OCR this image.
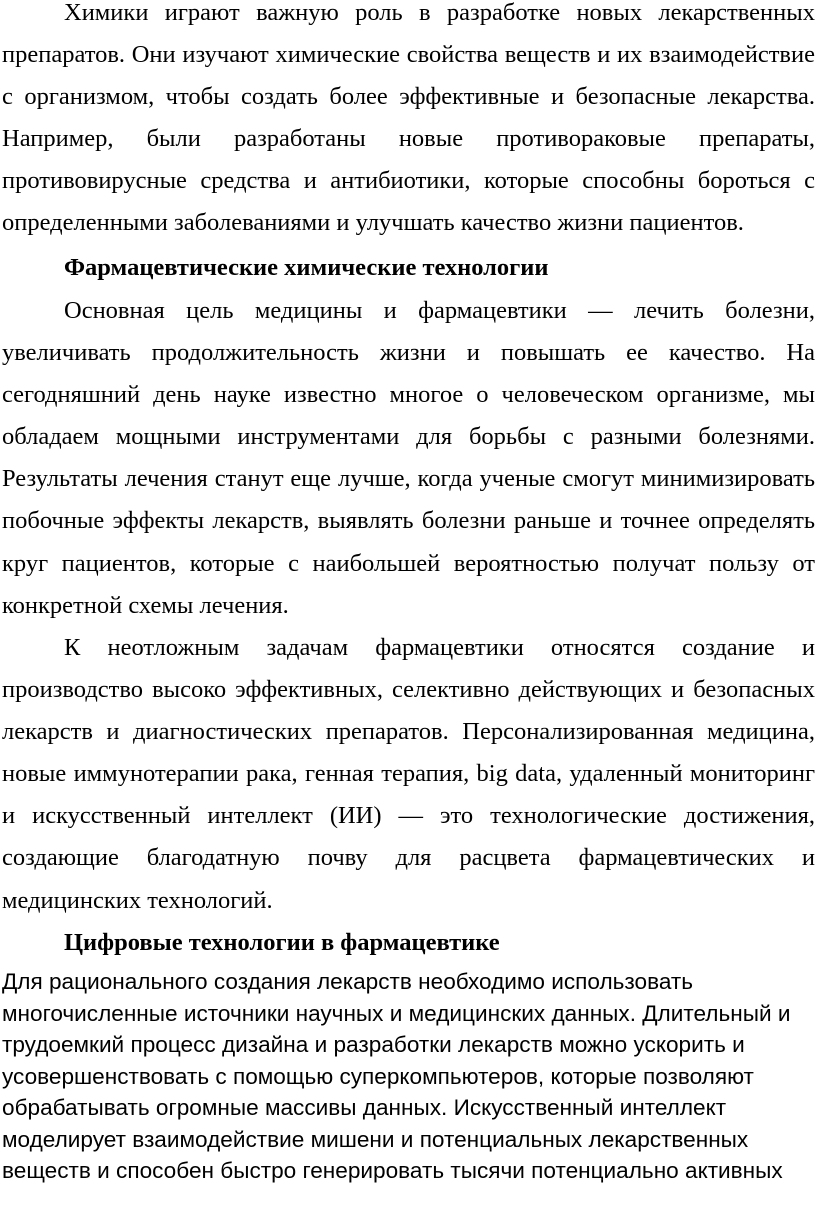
Химики играют важную роль в разработке новых лекарственных препаратов. Они изучают химические свойства веществ и их взаимодействие с организмом, чтобы создать более эффективные и безопасные лекарства. Например, были разработаны новые противораковые препараты, противовирусные средства и антибиотики, которые способны бороться с определенными заболеваниями и улучшать качество жизни пациентов.

Фармацевтические химические технологии

Основная цель медицины и фармацевтики — лечить болезни, увеличивать продолжительность жизни и повышать ее качество. На сегодняшний день науке известно многое о человеческом организме, мы обладаем мощными инструментами для борьбы с разными болезнями. Результаты лечения станут еще лучше, когда ученые смогут минимизировать побочные эффекты лекарств, выявлять болезни раньше и точнее определять круг пациентов, которые с наибольшей вероятностью получат пользу от конкретной схемы лечения.

К неотложным задачам фармацевтики относятся создание и производство высоко эффективных, селективно действующих и безопасных лекарств и диагностических препаратов. Персонализированная медицина, новые иммунотерапии рака, генная терапия, big data, удаленный мониторинг и искусственный интеллект (ИИ) — это технологические достижения, создающие благодатную почву для расцвета фармацевтических и медицинских технологий.

Цифровые технологии в фармацевтике
Для рационального создания лекарств необходимо использовать
многочисленные источники научных и медицинских данных. Длительный и
трудоемкий процесс дизайна и разработки лекарств можно ускорить и
усовершенствовать с помощью суперкомпьютеров, которые позволяют
обрабатывать огромные массивы данных. Искусственный интеллект
моделирует взаимодействие мишени и потенциальных лекарственных
веществ и способен быстро генерировать тысячи потенциально активных
